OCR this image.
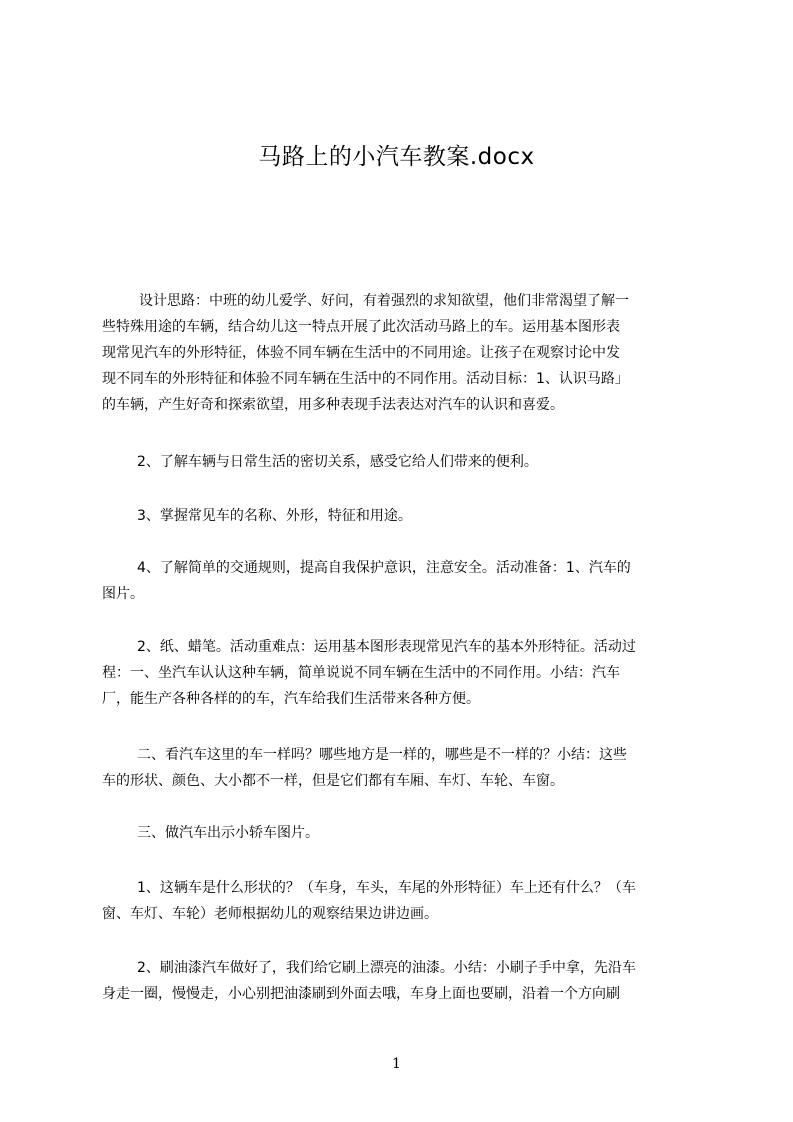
马路上的小汽车教案.docx
设计思路：中班的幼儿爱学、好问，有着强烈的求知欲望，他们非常渴望了解一
些特殊用途的车辆，结合幼儿这一特点开展了此次活动马路上的车。运用基本图形表
现常见汽车的外形特征，体验不同车辆在生活中的不同用途。让孩子在观察讨论中发
现不同车的外形特征和体验不同车辆在生活中的不同作用。活动目标：1、认识马路」
的车辆，产生好奇和探索欲望，用多种表现手法表达对汽车的认识和喜爱。
2、了解车辆与日常生活的密切关系，感受它给人们带来的便利。
3、掌握常见车的名称、外形，特征和用途。
4、了解简单的交通规则，提高自我保护意识，注意安全。活动准备：1、汽车的
图片。
2、纸、蜡笔。活动重难点：运用基本图形表现常见汽车的基本外形特征。活动过
程：一、坐汽车认认这种车辆，简单说说不同车辆在生活中的不同作用。小结：汽车
厂，能生产各种各样的的车，汽车给我们生活带来各种方便。
二、看汽车这里的车一样吗？哪些地方是一样的，哪些是不一样的？小结：这些
车的形状、颜色、大小都不一样，但是它们都有车厢、车灯、车轮、车窗。
三、做汽车出示小轿车图片。
1、这辆车是什么形状的？（车身，车头，车尾的外形特征）车上还有什么？（车
窗、车灯、车轮）老师根据幼儿的观察结果边讲边画。
2、刷油漆汽车做好了，我们给它刷上漂亮的油漆。小结：小刷子手中拿，先沿车
身走一圈，慢慢走，小心别把油漆刷到外面去哦，车身上面也要刷，沿着一个方向刷
1
